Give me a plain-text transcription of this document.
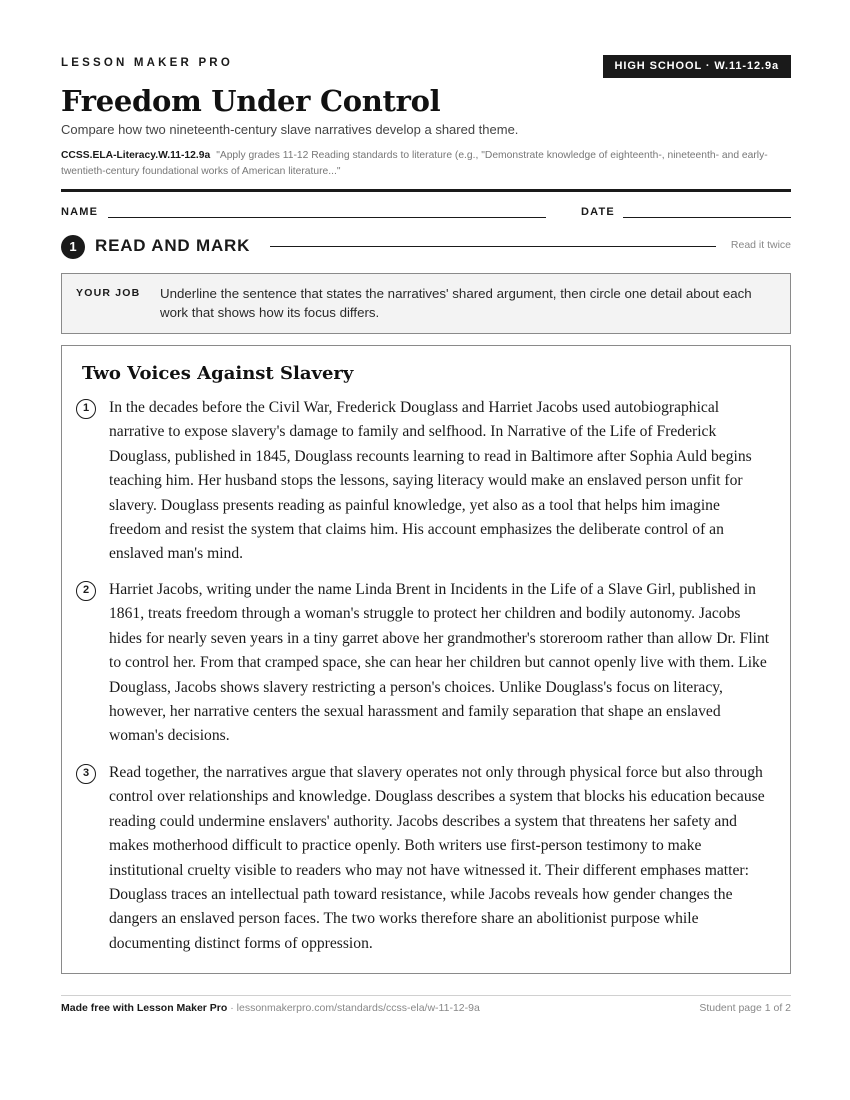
LESSON MAKER PRO	HIGH SCHOOL · W.11-12.9a
Freedom Under Control
Compare how two nineteenth-century slave narratives develop a shared theme.
CCSS.ELA-Literacy.W.11-12.9a "Apply grades 11-12 Reading standards to literature (e.g., "Demonstrate knowledge of eighteenth-, nineteenth- and early-twentieth-century foundational works of American literature..."
NAME	DATE
1	READ AND MARK	Read it twice
YOUR JOB Underline the sentence that states the narratives' shared argument, then circle one detail about each work that shows how its focus differs.
Two Voices Against Slavery
1	In the decades before the Civil War, Frederick Douglass and Harriet Jacobs used autobiographical narrative to expose slavery's damage to family and selfhood. In Narrative of the Life of Frederick Douglass, published in 1845, Douglass recounts learning to read in Baltimore after Sophia Auld begins teaching him. Her husband stops the lessons, saying literacy would make an enslaved person unfit for slavery. Douglass presents reading as painful knowledge, yet also as a tool that helps him imagine freedom and resist the system that claims him. His account emphasizes the deliberate control of an enslaved man's mind.

2	Harriet Jacobs, writing under the name Linda Brent in Incidents in the Life of a Slave Girl, published in 1861, treats freedom through a woman's struggle to protect her children and bodily autonomy. Jacobs hides for nearly seven years in a tiny garret above her grandmother's storeroom rather than allow Dr. Flint to control her. From that cramped space, she can hear her children but cannot openly live with them. Like Douglass, Jacobs shows slavery restricting a person's choices. Unlike Douglass's focus on literacy, however, her narrative centers the sexual harassment and family separation that shape an enslaved woman's decisions.

3	Read together, the narratives argue that slavery operates not only through physical force but also through control over relationships and knowledge. Douglass describes a system that blocks his education because reading could undermine enslavers' authority. Jacobs describes a system that threatens her safety and makes motherhood difficult to practice openly. Both writers use first-person testimony to make institutional cruelty visible to readers who may not have witnessed it. Their different emphases matter: Douglass traces an intellectual path toward resistance, while Jacobs reveals how gender changes the dangers an enslaved person faces. The two works therefore share an abolitionist purpose while documenting distinct forms of oppression.

Made free with Lesson Maker Pro · lessonmakerpro.com/standards/ccss-ela/w-11-12-9a	Student page 1 of 2
